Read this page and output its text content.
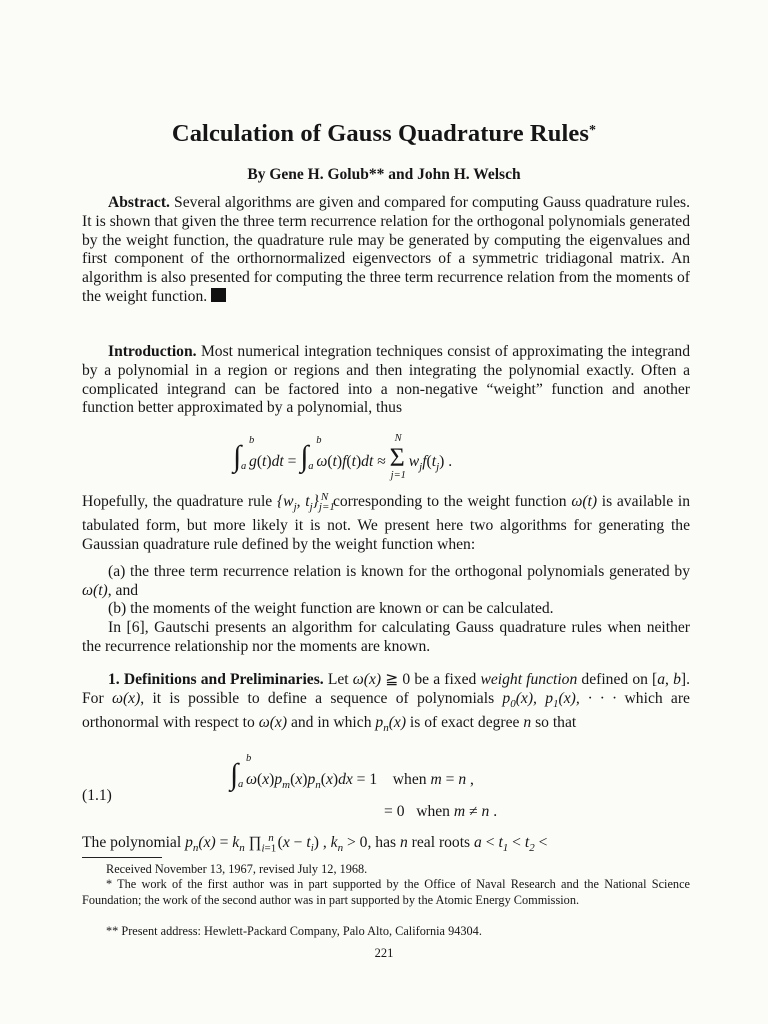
Calculation of Gauss Quadrature Rules*
By Gene H. Golub** and John H. Welsch
Abstract. Several algorithms are given and compared for computing Gauss quadrature rules. It is shown that given the three term recurrence relation for the orthogonal polynomials generated by the weight function, the quadrature rule may be generated by computing the eigenvalues and first component of the orthornormalized eigenvectors of a symmetric tridiagonal matrix. An algorithm is also presented for computing the three term recurrence relation from the moments of the weight function.
Introduction. Most numerical integration techniques consist of approximating the integrand by a polynomial in a region or regions and then integrating the polynomial exactly. Often a complicated integrand can be factored into a non-negative “weight” function and another function better approximated by a polynomial, thus
∫ b
a g(t)dt = ∫ b
a ω(t)f(t)dt ≈ Σ
N
j=1
$w_jf(t_j)$ .
Hopefully, the quadrature rule {$w_j$, $t_j\}_{j=1}^N$ corresponding to the weight function ω(t) is available in tabulated form, but more likely it is not. We present here two algorithms for generating the Gaussian quadrature rule defined by the weight function when:
(a) the three term recurrence relation is known for the orthogonal polynomials generated by ω(t), and
(b) the moments of the weight function are known or can be calculated.
In [6], Gautschi presents an algorithm for calculating Gauss quadrature rules when neither the recurrence relationship nor the moments are known.
1. Definitions and Preliminaries. Let ω(x) ≧ 0 be a fixed weight function defined on [a, b]. For ω(x), it is possible to define a sequence of polynomials $p_0(x)$, $p_1(x)$, · · · which are orthonormal with respect to ω(x) and in which $p_n(x)$ is of exact degree n so that
∫ b
a $\omega(x)p_m(x)p_n(x)dx = 1$    when m = n ,
(1.1)
= 0   when m ≠ n .
The polynomial $p_n(x) = k_n$ $\prod_{i=1}^n$ $(x - t_i)$ , $k_n > 0$, has n real roots $a < t_1 < t_2$ <
Received November 13, 1967, revised July 12, 1968.
* The work of the first author was in part supported by the Office of Naval Research and the National Science Foundation; the work of the second author was in part supported by the Atomic Energy Commission.
** Present address: Hewlett-Packard Company, Palo Alto, California 94304.
221
